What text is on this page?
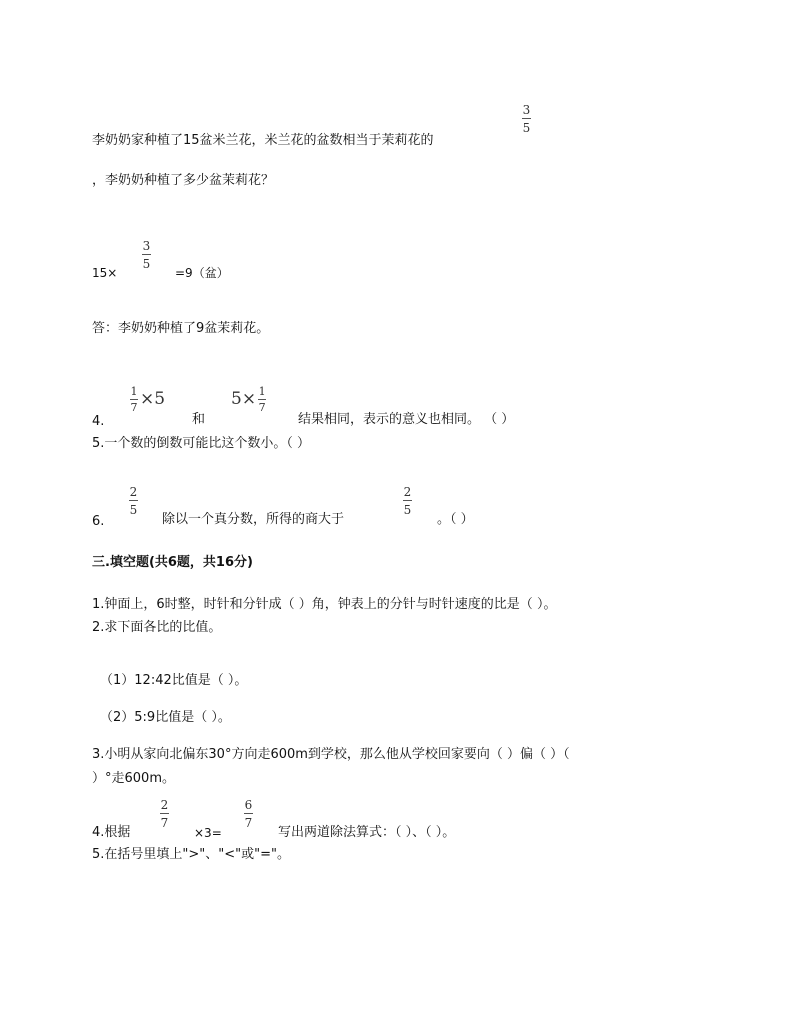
3
5
李奶奶家种植了15盆米兰花，米兰花的盆数相当于茉莉花的
，李奶奶种植了多少盆茉莉花？
15×
3
5
=9（盆）
答：李奶奶种植了9盆茉莉花。
$\frac{1}{7} \times 5$	$5\times \frac{1}{7}$
4.	和	结果相同，表示的意义也相同。 （ ）
5.一个数的倒数可能比这个数小。（ ）
2
5
2
5
6.	除以一个真分数，所得的商大于	。（ ）
三.填空题(共6题，共16分)
1.钟面上，6时整，时针和分针成（ ）角，钟表上的分针与时针速度的比是（ ）。
2.求下面各比的比值。
（1）12:42比值是（ ）。
（2）5:9比值是（ ）。
3.小明从家向北偏东30°方向走600m到学校，那么他从学校回家要向（ ）偏（ ）（
）°走600m。
2
7
6
7
4.根据	×3=	写出两道除法算式：（ ）、（ ）。
5.在括号里填上">"、"<"或"="。
